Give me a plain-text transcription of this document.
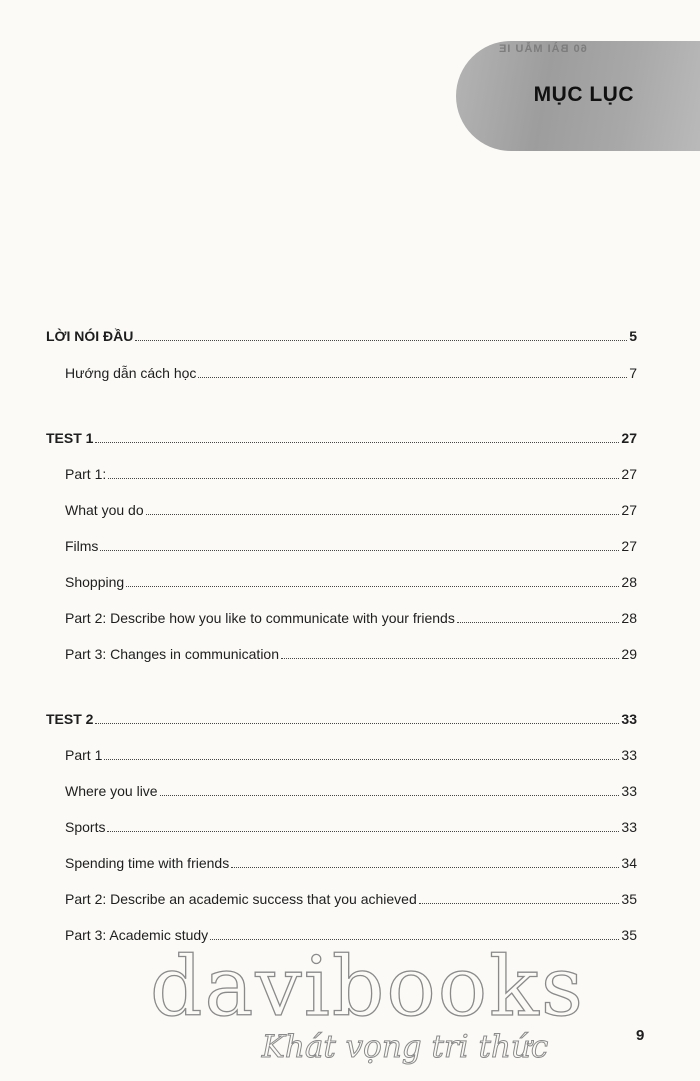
60 BÀI MẪU IE
MỤC LỤC
LỜI NÓI ĐẦU	5
Hướng dẫn cách học	7
TEST 1	27
Part 1:	27
What you do	27
Films	27
Shopping	28
Part 2: Describe how you like to communicate with your friends	28
Part 3: Changes in communication	29
TEST 2	33
Part 1	33
Where you live	33
Sports	33
Spending time with friends	34
Part 2: Describe an academic success that you achieved	35
Part 3: Academic study	35
davibooks
Khát vọng tri thức	9
